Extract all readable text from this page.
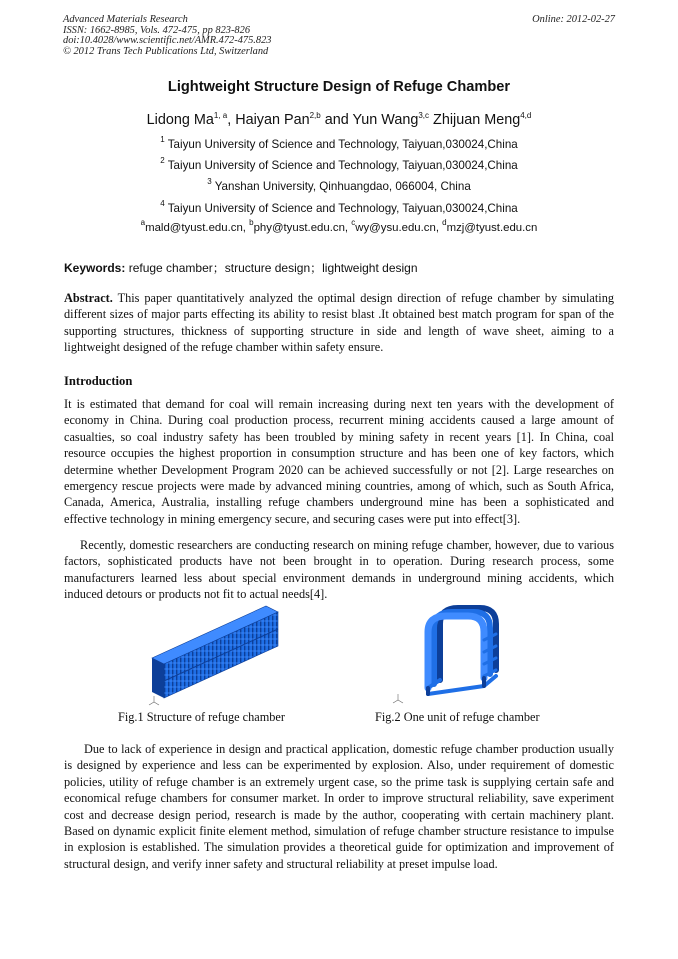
Advanced Materials Research
ISSN: 1662-8985, Vols. 472-475, pp 823-826
doi:10.4028/www.scientific.net/AMR.472-475.823
© 2012 Trans Tech Publications Ltd, Switzerland
Online: 2012-02-27
Lightweight Structure Design of Refuge Chamber
Lidong Ma$^{1, a}$, Haiyan Pan$^{2,b}$ and Yun Wang$^{3,c}$ Zhijuan Meng$^{4,d}$
$^1$ Taiyun University of Science and Technology, Taiyuan,030024,China
$^2$ Taiyun University of Science and Technology, Taiyuan,030024,China
$^3$ Yanshan University, Qinhuangdao, 066004, China
$^4$ Taiyun University of Science and Technology, Taiyuan,030024,China
$^a$mald@tyust.edu.cn, $^b$phy@tyust.edu.cn, $^c$wy@ysu.edu.cn, $^d$mzj@tyust.edu.cn
Keywords: refuge chamber；structure design；lightweight design
Abstract. This paper quantitatively analyzed the optimal design direction of refuge chamber by simulating different sizes of major parts effecting its ability to resist blast .It obtained best match program for span of the supporting structures, thickness of supporting structure in side and length of wave sheet, aiming to a lightweight designed of the refuge chamber within safety ensure.
Introduction
It is estimated that demand for coal will remain increasing during next ten years with the development of economy in China. During coal production process, recurrent mining accidents caused a large amount of casualties, so coal industry safety has been troubled by mining safety in recent years [1]. In China, coal resource occupies the highest proportion in consumption structure and has been one of key factors, which determine whether Development Program 2020 can be achieved successfully or not [2]. Large researches on emergency rescue projects were made by advanced mining countries, among of which, such as South Africa, Canada, America, Australia, installing refuge chambers underground mine has been a sophisticated and effective technology in mining emergency secure, and securing cases were put into effect[3].
Recently, domestic researchers are conducting research on mining refuge chamber, however, due to various factors, sophisticated products have not been brought in to operation. During research process, some manufacturers learned less about special environment demands in underground mining accidents, which induced detours or products not fit to actual needs[4].
Fig.1 Structure of refuge chamber	Fig.2 One unit of refuge chamber
Due to lack of experience in design and practical application, domestic refuge chamber production usually is designed by experience and less can be experimented by explosion. Also, under requirement of domestic policies, utility of refuge chamber is an extremely urgent case, so the prime task is supplying certain safe and economical refuge chambers for consumer market. In order to improve structural reliability, save experiment cost and decrease design period, research is made by the author, cooperating with certain machinery plant. Based on dynamic explicit finite element method, simulation of refuge chamber structure resistance to impulse in explosion is established. The simulation provides a theoretical guide for optimization and improvement of structural design, and verify inner safety and structural reliability at preset impulse load.
